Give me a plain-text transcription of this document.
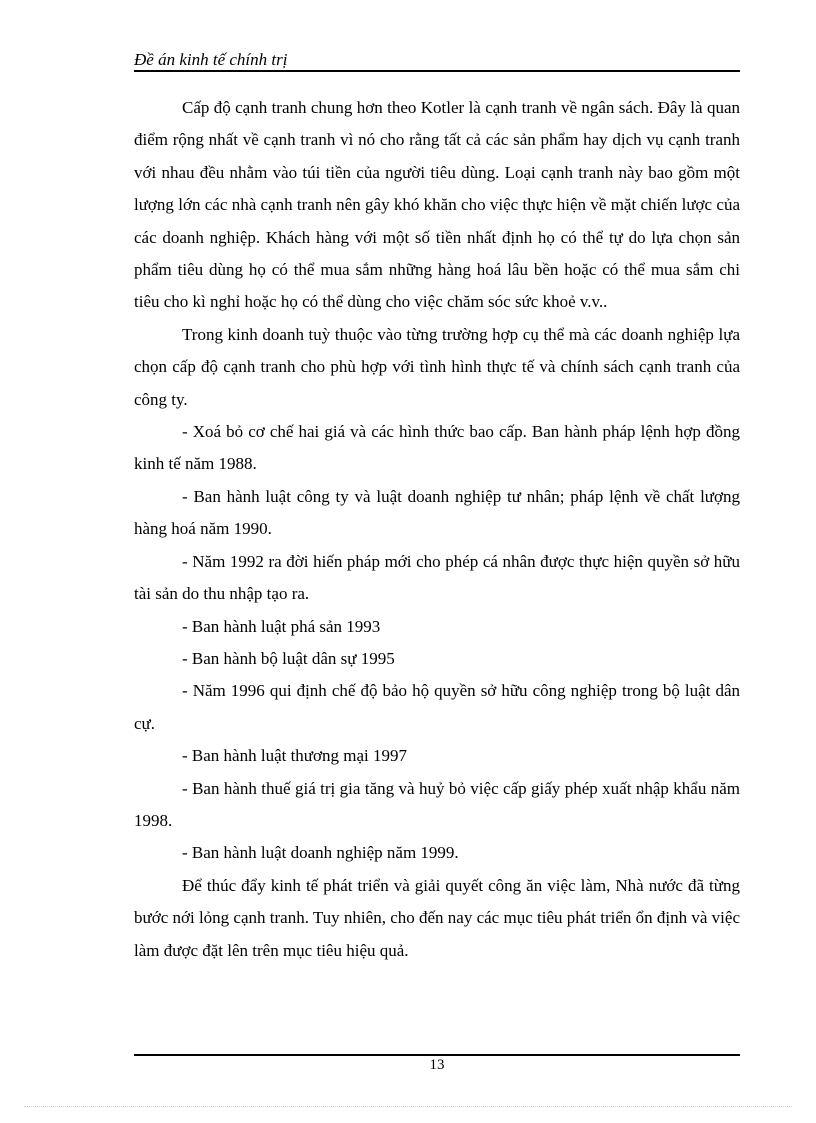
Đề án kinh tế chính trị

Cấp độ cạnh tranh chung hơn theo Kotler là cạnh tranh về ngân sách. Đây là quan điểm rộng nhất về cạnh tranh vì nó cho rằng tất cả các sản phẩm hay dịch vụ cạnh tranh với nhau đều nhằm vào túi tiền của người tiêu dùng. Loại cạnh tranh này bao gồm một lượng lớn các nhà cạnh tranh nên gây khó khăn cho việc thực hiện về mặt chiến lược của các doanh nghiệp. Khách hàng với một số tiền nhất định họ có thể tự do lựa chọn sản phẩm tiêu dùng họ có thể mua sắm những hàng hoá lâu bền hoặc có thể mua sắm chi tiêu cho kì nghỉ hoặc họ có thể dùng cho việc chăm sóc sức khoẻ v.v..

Trong kinh doanh tuỳ thuộc vào từng trường hợp cụ thể mà các doanh nghiệp lựa chọn cấp độ cạnh tranh cho phù hợp với tình hình thực tế và chính sách cạnh tranh của công ty.

- Xoá bỏ cơ chế hai giá và các hình thức bao cấp. Ban hành pháp lệnh hợp đồng kinh tế năm 1988.

- Ban hành luật công ty và luật doanh nghiệp tư nhân; pháp lệnh về chất lượng hàng hoá năm 1990.

- Năm 1992 ra đời hiến pháp mới cho phép cá nhân được thực hiện quyền sở hữu tài sản do thu nhập tạo ra.

- Ban hành luật phá sản 1993

- Ban hành bộ luật dân sự 1995

- Năm 1996 qui định chế độ bảo hộ quyền sở hữu công nghiệp trong bộ luật dân cự.

- Ban hành luật thương mại 1997

- Ban hành thuế giá trị gia tăng và huỷ bỏ việc cấp giấy phép xuất nhập khẩu năm 1998.

- Ban hành luật doanh nghiệp năm 1999.

Để thúc đẩy kinh tế phát triển và giải quyết công ăn việc làm, Nhà nước đã từng bước nới lỏng cạnh tranh. Tuy nhiên, cho đến nay các mục tiêu phát triển ổn định và việc làm được đặt lên trên mục tiêu hiệu quả.

13
